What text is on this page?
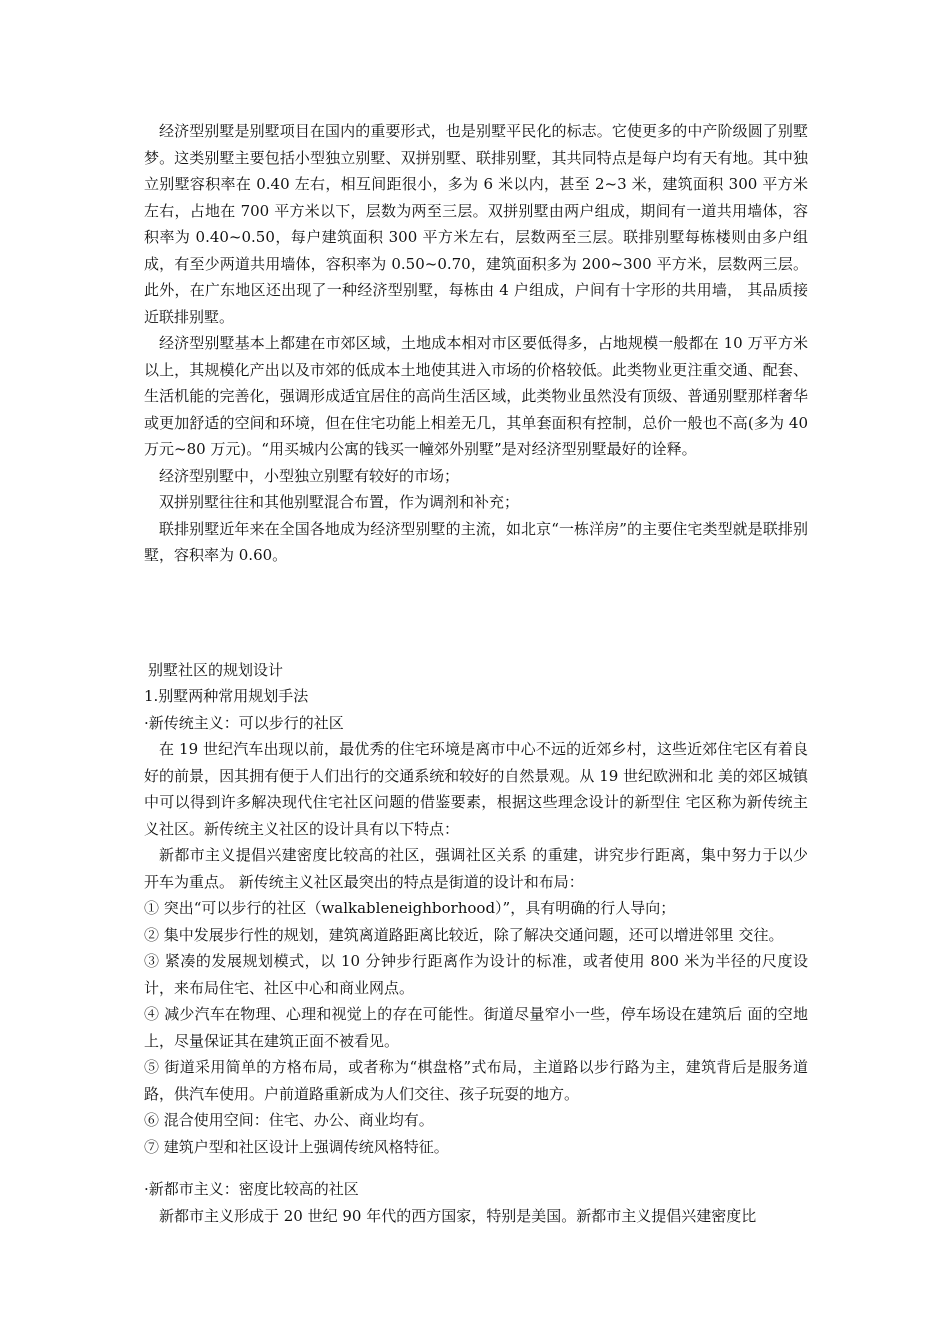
经济型别墅是别墅项目在国内的重要形式，也是别墅平民化的标志。它使更多的中产阶级圆了别墅梦。这类别墅主要包括小型独立别墅、双拼别墅、联排别墅，其共同特点是每户均有天有地。其中独立别墅容积率在 0.40 左右，相互间距很小，多为 6 米以内，甚至 2~3 米，建筑面积 300 平方米左右，占地在 700 平方米以下，层数为两至三层。双拼别墅由两户组成，期间有一道共用墙体，容积率为 0.40~0.50，每户建筑面积 300 平方米左右，层数两至三层。联排别墅每栋楼则由多户组成，有至少两道共用墙体，容积率为 0.50~0.70，建筑面积多为 200~300 平方米，层数两三层。此外，在广东地区还出现了一种经济型别墅，每栋由 4 户组成，户间有十字形的共用墙， 其品质接近联排别墅。

经济型别墅基本上都建在市郊区域，土地成本相对市区要低得多，占地规模一般都在 10 万平方米以上，其规模化产出以及市郊的低成本土地使其进入市场的价格较低。此类物业更注重交通、配套、生活机能的完善化，强调形成适宜居住的高尚生活区域，此类物业虽然没有顶级、普通别墅那样奢华或更加舒适的空间和环境，但在住宅功能上相差无几，其单套面积有控制，总价一般也不高(多为 40 万元~80 万元)。“用买城内公寓的钱买一幢郊外别墅”是对经济型别墅最好的诠释。

经济型别墅中，小型独立别墅有较好的市场；

双拼别墅往往和其他别墅混合布置，作为调剂和补充；

联排别墅近年来在全国各地成为经济型别墅的主流，如北京“一栋洋房”的主要住宅类型就是联排别墅，容积率为 0.60。

别墅社区的规划设计

1.别墅两种常用规划手法

·新传统主义：可以步行的社区

在 19 世纪汽车出现以前，最优秀的住宅环境是离市中心不远的近郊乡村，这些近郊住宅区有着良好的前景，因其拥有便于人们出行的交通系统和较好的自然景观。从 19 世纪欧洲和北 美的郊区城镇中可以得到许多解决现代住宅社区问题的借鉴要素，根据这些理念设计的新型住 宅区称为新传统主义社区。新传统主义社区的设计具有以下特点：

新都市主义提倡兴建密度比较高的社区，强调社区关系 的重建，讲究步行距离，集中努力于以少开车为重点。 新传统主义社区最突出的特点是街道的设计和布局：

① 突出“可以步行的社区（walkableneighborhood）”，具有明确的行人导向；

② 集中发展步行性的规划，建筑离道路距离比较近，除了解决交通问题，还可以增进邻里 交往。

③ 紧凑的发展规划模式，以 10 分钟步行距离作为设计的标准，或者使用 800 米为半径的尺度设计，来布局住宅、社区中心和商业网点。

④ 减少汽车在物理、心理和视觉上的存在可能性。街道尽量窄小一些，停车场设在建筑后 面的空地上，尽量保证其在建筑正面不被看见。

⑤ 街道采用简单的方格布局，或者称为“棋盘格”式布局，主道路以步行路为主，建筑背后是服务道路，供汽车使用。户前道路重新成为人们交往、孩子玩耍的地方。

⑥ 混合使用空间：住宅、办公、商业均有。

⑦ 建筑户型和社区设计上强调传统风格特征。

·新都市主义：密度比较高的社区

新都市主义形成于 20 世纪 90 年代的西方国家，特别是美国。新都市主义提倡兴建密度比
